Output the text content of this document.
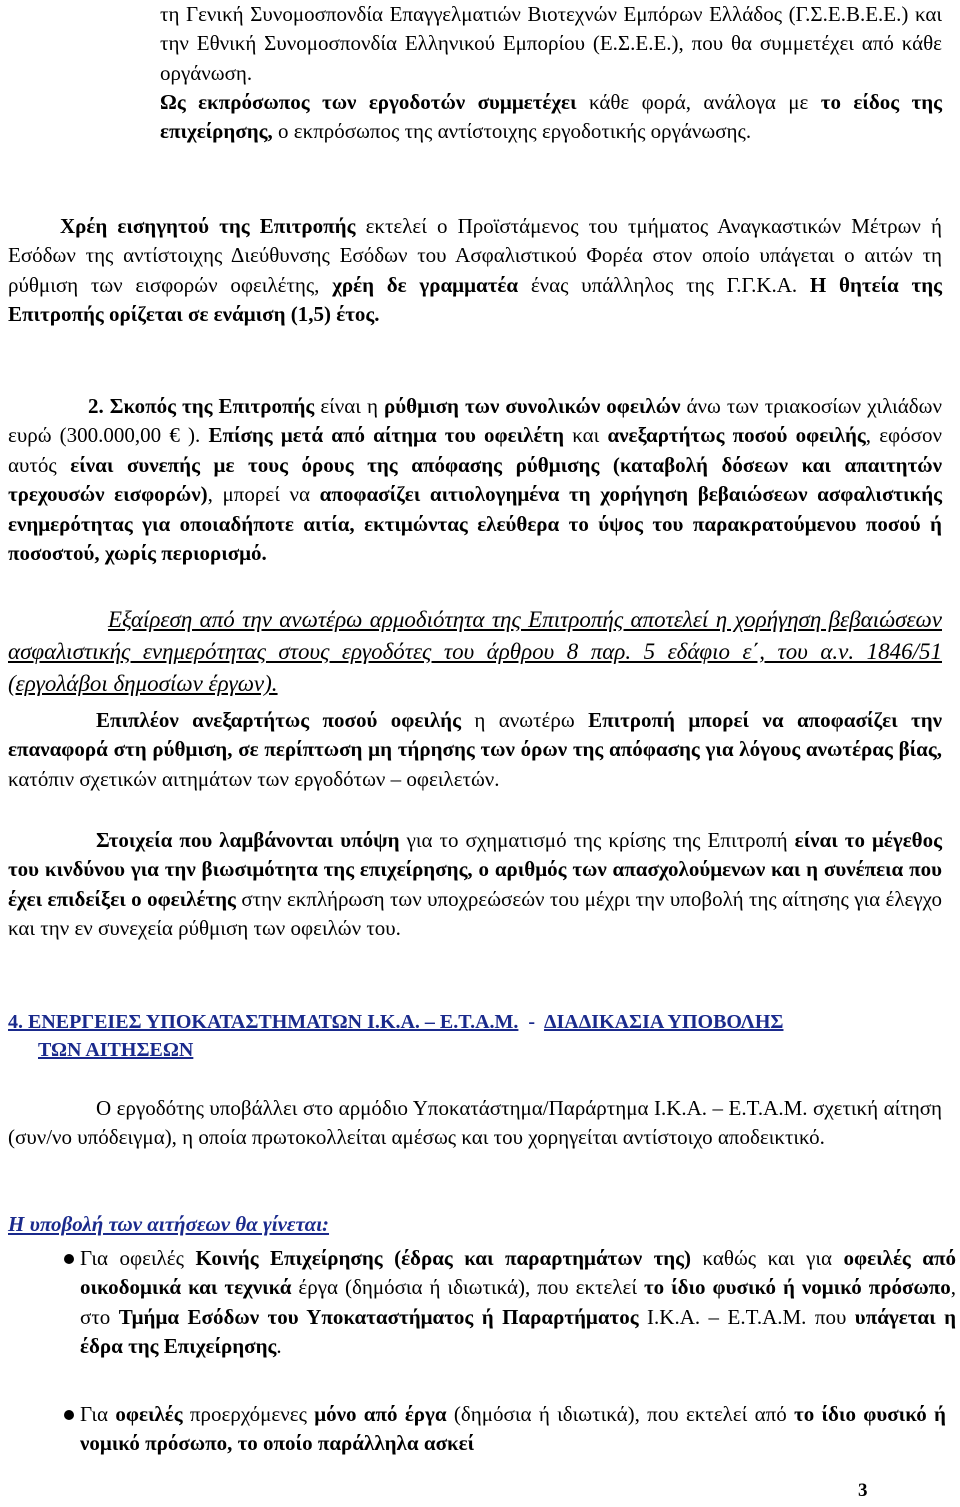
τη Γενική Συνομοσπονδία Επαγγελματιών Βιοτεχνών Εμπόρων Ελλάδος (Γ.Σ.Ε.Β.Ε.Ε.) και την Εθνική Συνομοσπονδία Ελληνικού Εμπορίου (Ε.Σ.Ε.Ε.), που θα συμμετέχει από κάθε οργάνωση.

Ως εκπρόσωπος των εργοδοτών συμμετέχει κάθε φορά, ανάλογα με το είδος της επιχείρησης, ο εκπρόσωπος της αντίστοιχης εργοδοτικής οργάνωσης.

Χρέη εισηγητού της Επιτροπής εκτελεί ο Προϊστάμενος του τμήματος Αναγκαστικών Μέτρων ή Εσόδων της αντίστοιχης Διεύθυνσης Εσόδων του Ασφαλιστικού Φορέα στον οποίο υπάγεται ο αιτών τη ρύθμιση των εισφορών οφειλέτης, χρέη δε γραμματέα ένας υπάλληλος της Γ.Γ.Κ.Α. Η θητεία της Επιτροπής ορίζεται σε ενάμιση (1,5) έτος.

2. Σκοπός της Επιτροπής είναι η ρύθμιση των συνολικών οφειλών άνω των τριακοσίων χιλιάδων ευρώ (300.000,00 € ). Επίσης μετά από αίτημα του οφειλέτη και ανεξαρτήτως ποσού οφειλής, εφόσον αυτός είναι συνεπής με τους όρους της απόφασης ρύθμισης (καταβολή δόσεων και απαιτητών τρεχουσών εισφορών), μπορεί να αποφασίζει αιτιολογημένα τη χορήγηση βεβαιώσεων ασφαλιστικής ενημερότητας για οποιαδήποτε αιτία, εκτιμώντας ελεύθερα το ύψος του παρακρατούμενου ποσού ή ποσοστού, χωρίς περιορισμό.

Εξαίρεση από την ανωτέρω αρμοδιότητα της Επιτροπής αποτελεί η χορήγηση βεβαιώσεων ασφαλιστικής ενημερότητας στους εργοδότες του άρθρου 8 παρ. 5 εδάφιο ε΄, του α.ν. 1846/51 (εργολάβοι δημοσίων έργων).

Επιπλέον ανεξαρτήτως ποσού οφειλής η ανωτέρω Επιτροπή μπορεί να αποφασίζει την επαναφορά στη ρύθμιση, σε περίπτωση μη τήρησης των όρων της απόφασης για λόγους ανωτέρας βίας, κατόπιν σχετικών αιτημάτων των εργοδότων – οφειλετών.

Στοιχεία που λαμβάνονται υπόψη για το σχηματισμό της κρίσης της Επιτροπή είναι το μέγεθος του κινδύνου για την βιωσιμότητα της επιχείρησης, ο αριθμός των απασχολούμενων και η συνέπεια που έχει επιδείξει ο οφειλέτης στην εκπλήρωση των υποχρεώσεών του μέχρι την υποβολή της αίτησης για έλεγχο και την εν συνεχεία ρύθμιση των οφειλών του.

4. ΕΝΕΡΓΕΙΕΣ ΥΠΟΚΑΤΑΣΤΗΜΑΤΩΝ Ι.Κ.Α. – Ε.Τ.Α.Μ.  -  ΔΙΑΔΙΚΑΣΙΑ ΥΠΟΒΟΛΗΣ
ΤΩΝ ΑΙΤΗΣΕΩΝ

Ο εργοδότης υποβάλλει στο αρμόδιο Υποκατάστημα/Παράρτημα Ι.Κ.Α. – Ε.Τ.Α.Μ. σχετική αίτηση (συν/νο υπόδειγμα), η οποία πρωτοκολλείται αμέσως και του χορηγείται αντίστοιχο αποδεικτικό.

Η υποβολή των αιτήσεων θα γίνεται:

Για οφειλές Κοινής Επιχείρησης (έδρας και παραρτημάτων της) καθώς και για οφειλές από οικοδομικά και τεχνικά έργα (δημόσια ή ιδιωτικά), που εκτελεί το ίδιο φυσικό ή νομικό πρόσωπο, στο Τμήμα Εσόδων του Υποκαταστήματος ή Παραρτήματος Ι.Κ.Α. – Ε.Τ.Α.Μ. που υπάγεται η έδρα της Επιχείρησης.

Για οφειλές προερχόμενες μόνο από έργα (δημόσια ή ιδιωτικά), που εκτελεί από το ίδιο φυσικό ή νομικό πρόσωπο, το οποίο παράλληλα ασκεί

3
